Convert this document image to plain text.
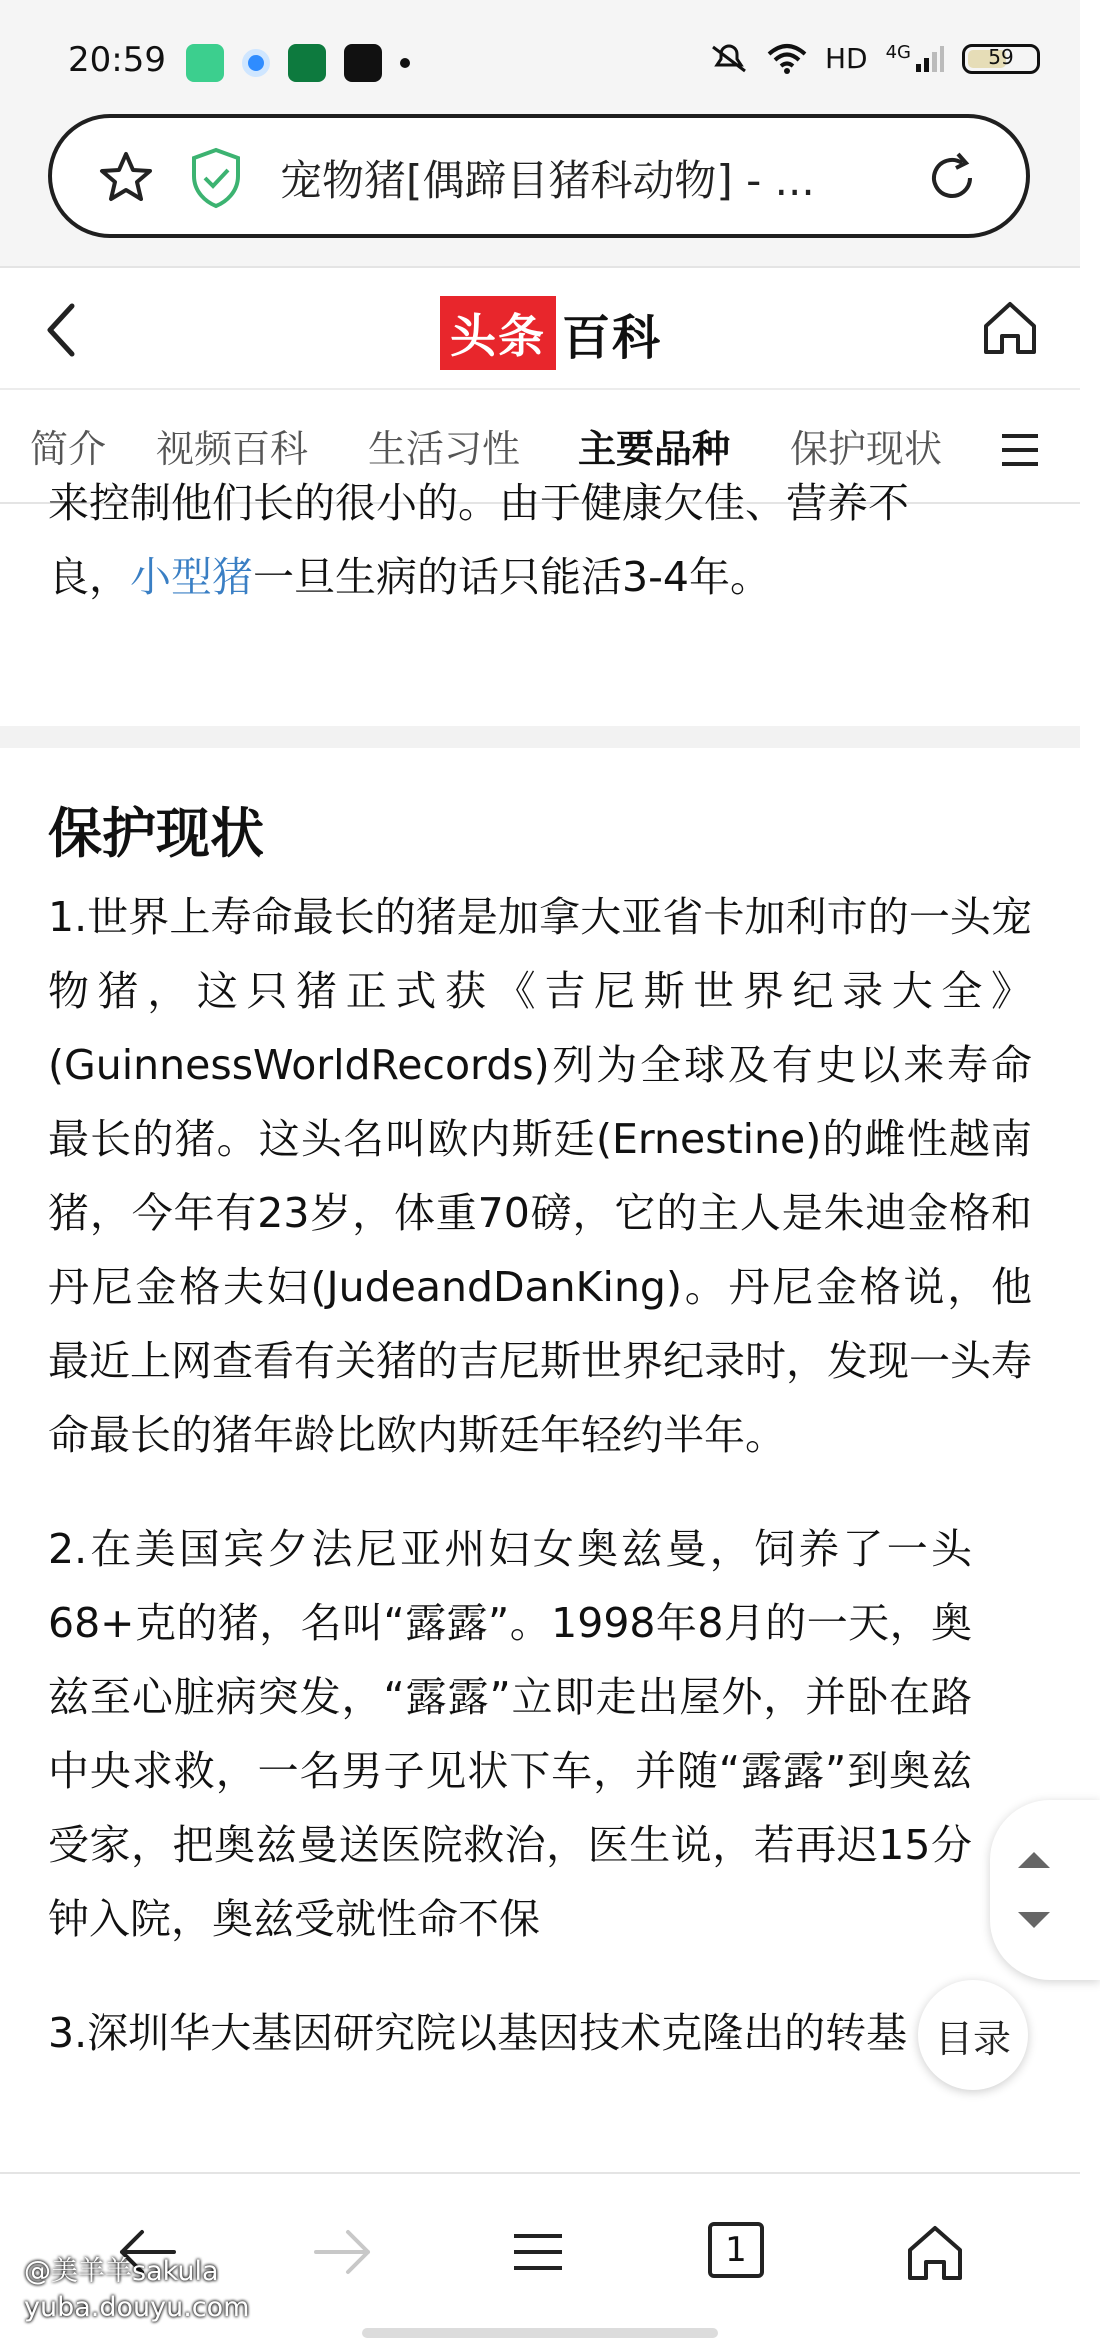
20:59	HD 4G	59
宠物猪[偶蹄目猪科动物] - ...
头条 百科
简介 视频百科 生活习性 主要品种 保护现状
来控制他们长的很小的。由于健康欠佳、营养不
良，小型猪一旦生病的话只能活3-4年。
保护现状
1.世界上寿命最长的猪是加拿大亚省卡加利市的一头宠物猪，这只猪正式获《吉尼斯世界纪录大全》(GuinnessWorldRecords)列为全球及有史以来寿命最长的猪。这头名叫欧内斯廷(Ernestine)的雌性越南猪，今年有23岁，体重70磅，它的主人是朱迪金格和丹尼金格夫妇(JudeandDanKing)。丹尼金格说，他最近上网查看有关猪的吉尼斯世界纪录时，发现一头寿命最长的猪年龄比欧内斯廷年轻约半年。
2.在美国宾夕法尼亚州妇女奥兹曼，饲养了一头68+克的猪，名叫“露露”。1998年8月的一天，奥兹至心脏病突发，“露露”立即走出屋外，并卧在路中央求救，一名男子见状下车，并随“露露”到奥兹受家，把奥兹曼送医院救治，医生说，若再迟15分钟入院，奥兹受就性命不保
3.深圳华大基因研究院以基因技术克隆出的转基 目录
1
@美羊羊sakula
yuba.douyu.com
